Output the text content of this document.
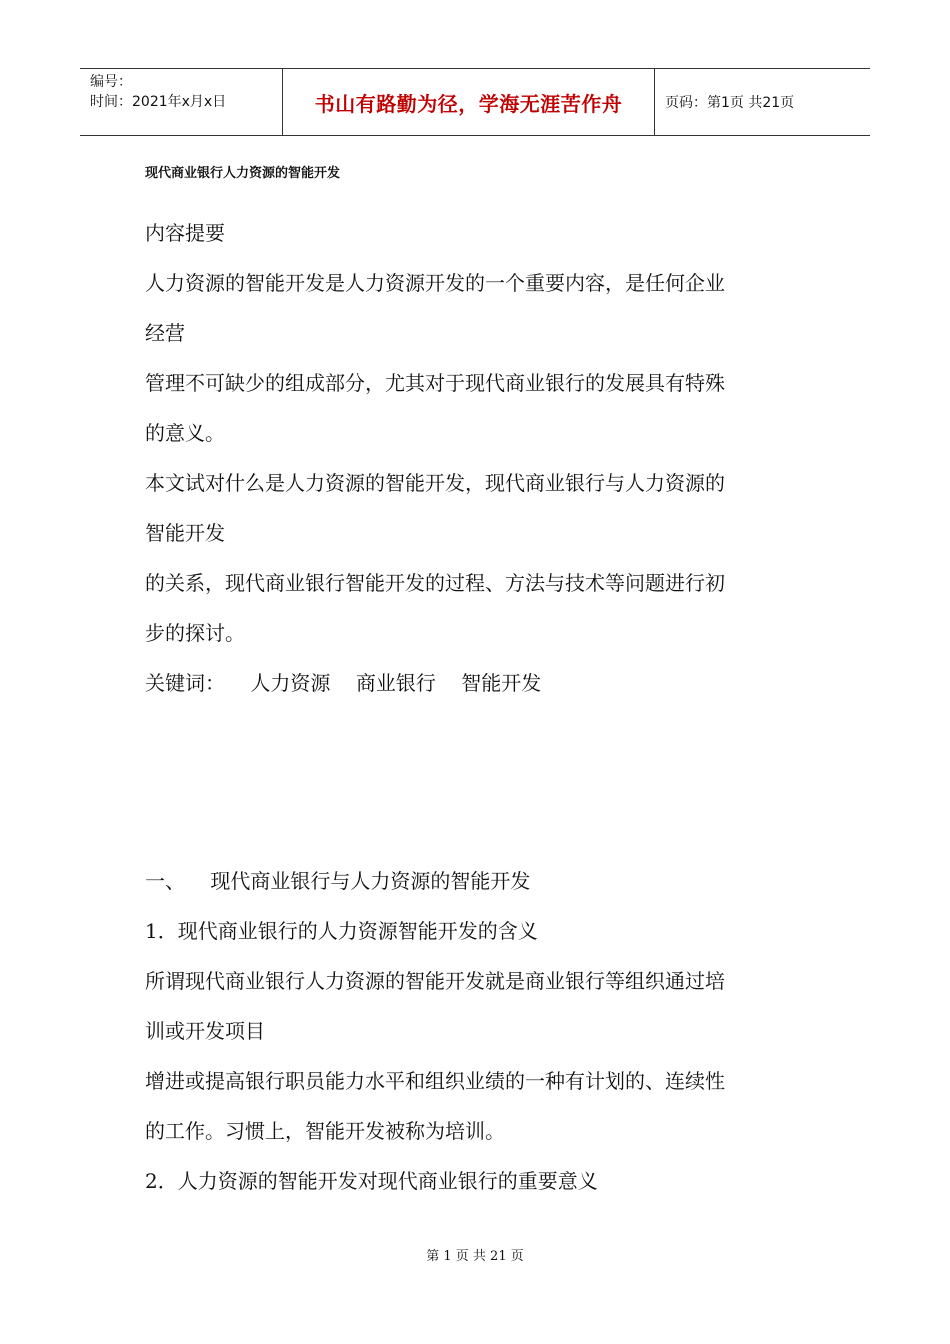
编号：
时间：2021年x月x日	书山有路勤为径，学海无涯苦作舟	页码：第1页 共21页
现代商业银行人力资源的智能开发
内容提要
人力资源的智能开发是人力资源开发的一个重要内容，是任何企业
经营
管理不可缺少的组成部分，尤其对于现代商业银行的发展具有特殊
的意义。
本文试对什么是人力资源的智能开发，现代商业银行与人力资源的
智能开发
的关系，现代商业银行智能开发的过程、方法与技术等问题进行初
步的探讨。
关键词：    人力资源    商业银行    智能开发
一、    现代商业银行与人力资源的智能开发
1．现代商业银行的人力资源智能开发的含义
所谓现代商业银行人力资源的智能开发就是商业银行等组织通过培
训或开发项目
增进或提高银行职员能力水平和组织业绩的一种有计划的、连续性
的工作。习惯上，智能开发被称为培训。
2．人力资源的智能开发对现代商业银行的重要意义
第 1 页 共 21 页
